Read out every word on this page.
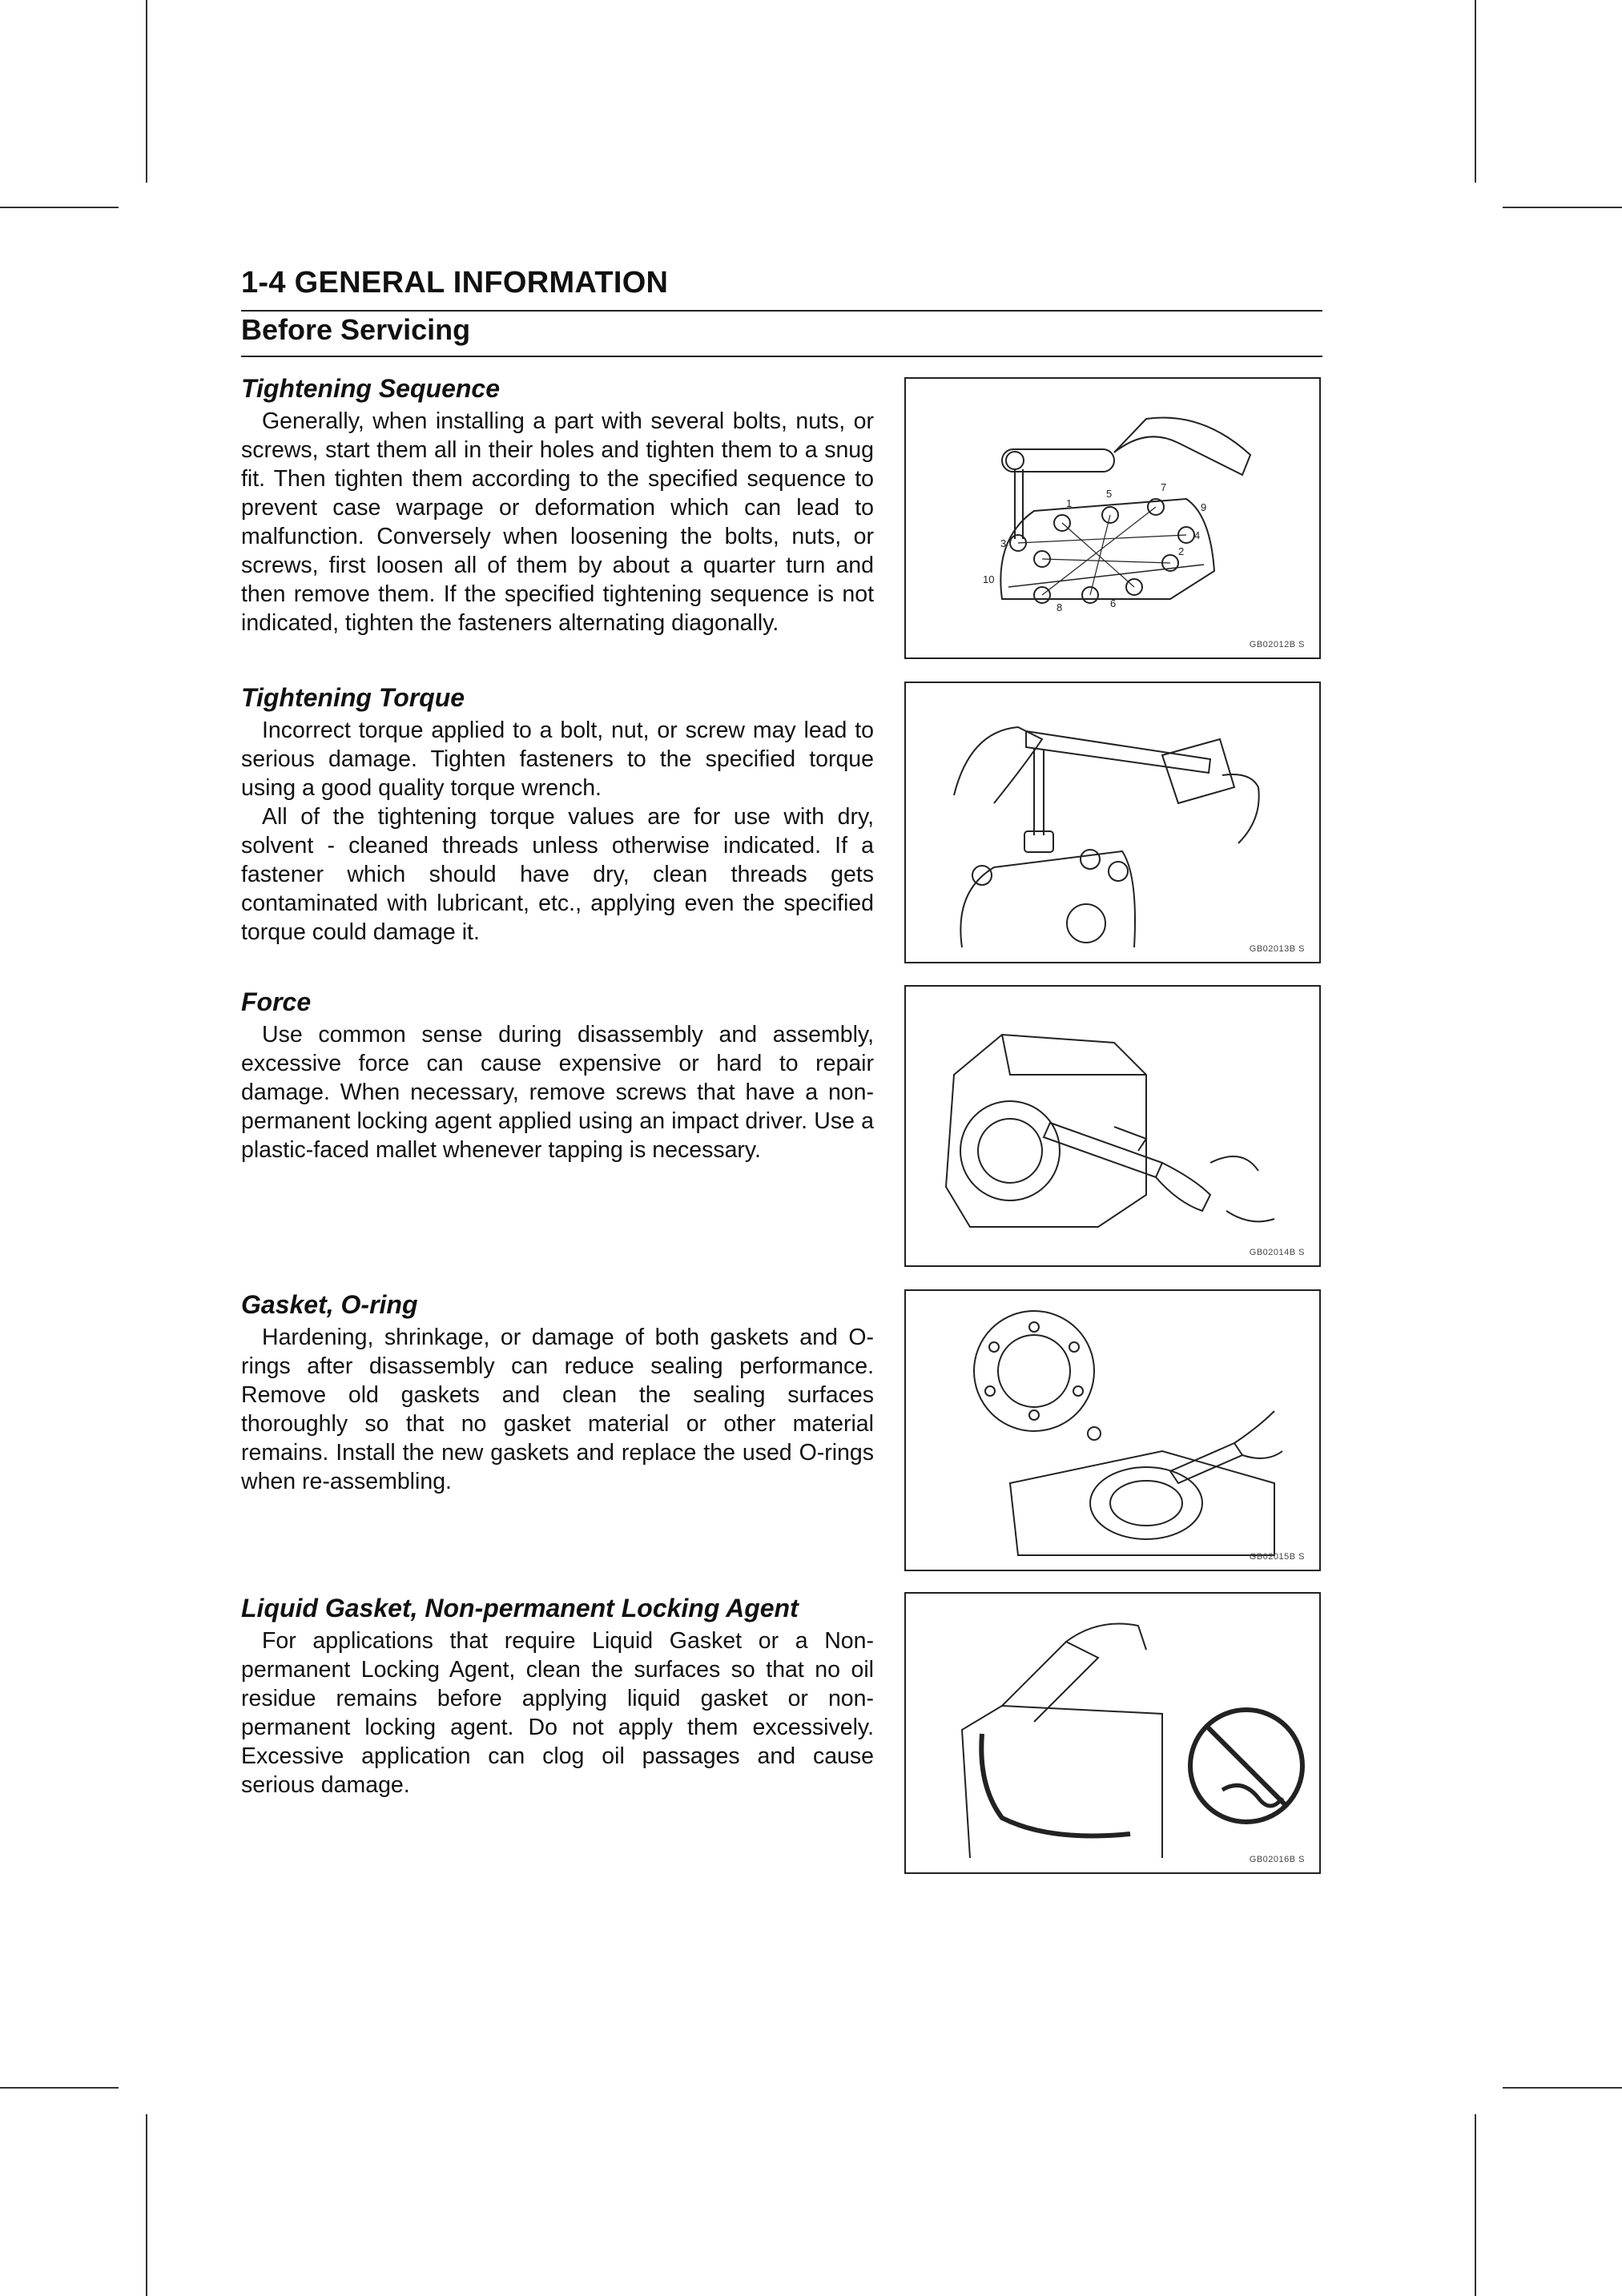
1-4 GENERAL INFORMATION
Before Servicing
Tightening Sequence

Generally, when installing a part with several bolts, nuts, or screws, start them all in their holes and tighten them to a snug fit. Then tighten them according to the specified sequence to prevent case warpage or deformation which can lead to malfunction. Conversely when loosening the bolts, nuts, or screws, first loosen all of them by about a quarter turn and then remove them. If the specified tightening sequence is not indicated, tighten the fasteners alternating diagonally.

1
2
3
4
5
6
7
8
9
10
GB02012B S
Tightening Torque

Incorrect torque applied to a bolt, nut, or screw may lead to serious damage. Tighten fasteners to the specified torque using a good quality torque wrench.

All of the tightening torque values are for use with dry, solvent - cleaned threads unless otherwise indicated. If a fastener which should have dry, clean threads gets contaminated with lubricant, etc., applying even the specified torque could damage it.

GB02013B S
Force

Use common sense during disassembly and assembly, excessive force can cause expensive or hard to repair damage. When necessary, remove screws that have a non-permanent locking agent applied using an impact driver. Use a plastic-faced mallet whenever tapping is necessary.

GB02014B S
Gasket, O-ring

Hardening, shrinkage, or damage of both gaskets and O-rings after disassembly can reduce sealing performance. Remove old gaskets and clean the sealing surfaces thoroughly so that no gasket material or other material remains. Install the new gaskets and replace the used O-rings when re-assembling.

GB02015B S
Liquid Gasket, Non-permanent Locking Agent

For applications that require Liquid Gasket or a Non-permanent Locking Agent, clean the surfaces so that no oil residue remains before applying liquid gasket or non-permanent locking agent. Do not apply them excessively. Excessive application can clog oil passages and cause serious damage.

GB02016B S
